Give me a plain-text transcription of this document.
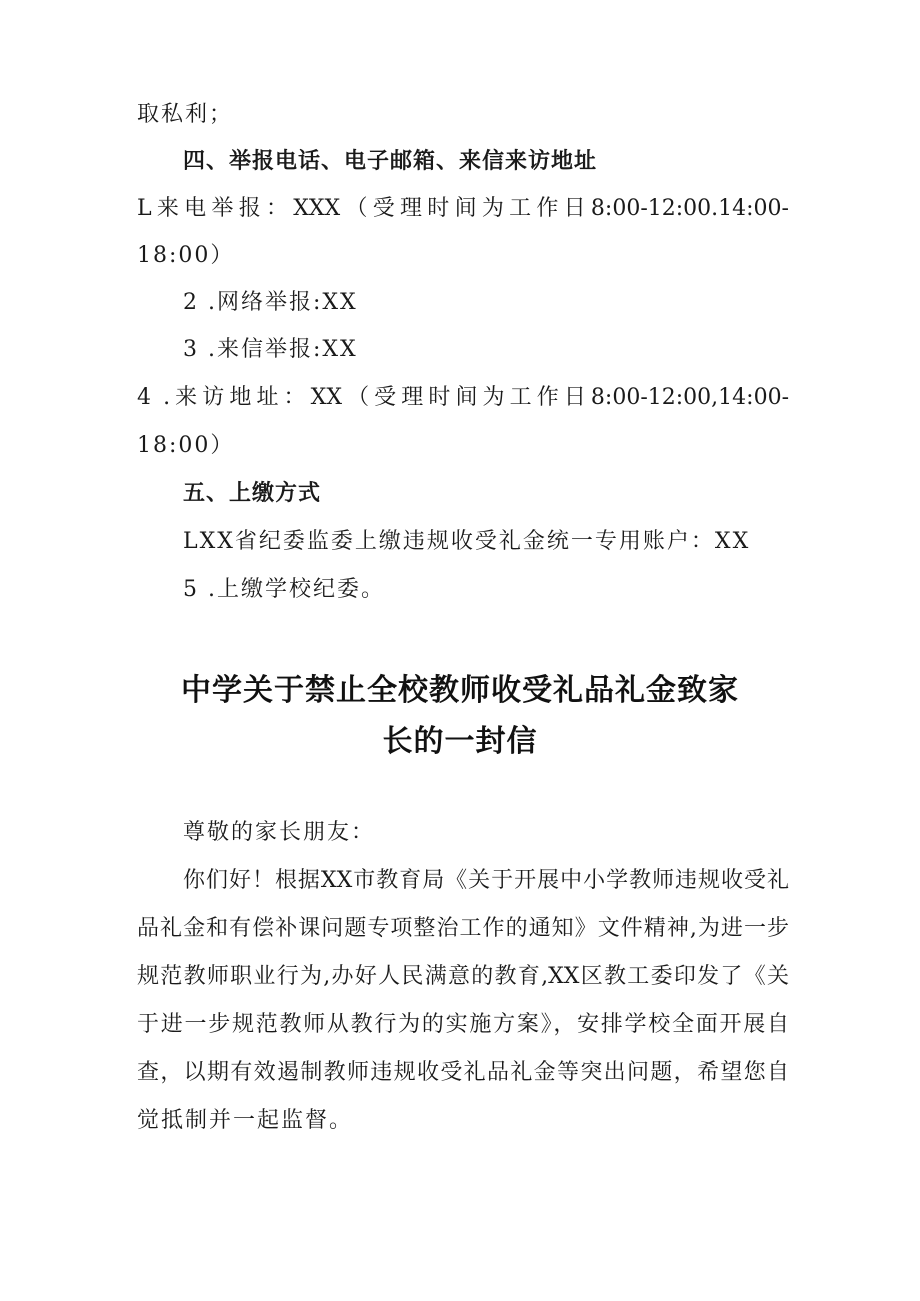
取私利；

四、举报电话、电子邮箱、来信来访地址

L来电举报：XXX（受理时间为工作日8:00-12:00.14:00-

18:00）

2 .网络举报:XX

3 .来信举报:XX

4 .来访地址：XX（受理时间为工作日8:00-12:00,14:00-

18:00）

五、上缴方式

LXX省纪委监委上缴违规收受礼金统一专用账户：XX

5 .上缴学校纪委。

中学关于禁止全校教师收受礼品礼金致家
长的一封信

尊敬的家长朋友：

你们好！根据XX市教育局《关于开展中小学教师违规收受礼

品礼金和有偿补课问题专项整治工作的通知》文件精神,为进一步

规范教师职业行为,办好人民满意的教育,XX区教工委印发了《关

于进一步规范教师从教行为的实施方案》，安排学校全面开展自

查，以期有效遏制教师违规收受礼品礼金等突出问题，希望您自

觉抵制并一起监督。
